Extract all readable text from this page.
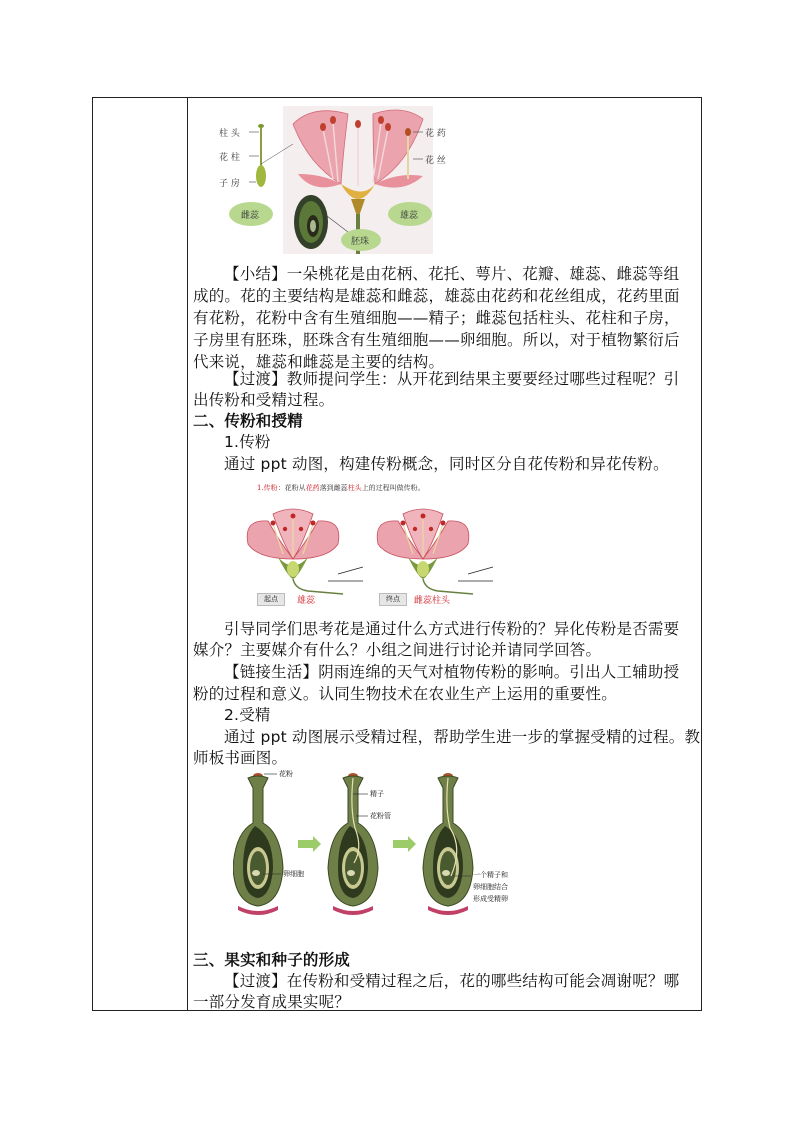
柱 头
花 柱
子 房
花 药
花 丝
雌蕊
胚珠
雄蕊
【小结】一朵桃花是由花柄、花托、萼片、花瓣、雄蕊、雌蕊等组
成的。花的主要结构是雄蕊和雌蕊，雄蕊由花药和花丝组成，花药里面
有花粉，花粉中含有生殖细胞——精子；雌蕊包括柱头、花柱和子房，
子房里有胚珠，胚珠含有生殖细胞——卵细胞。所以，对于植物繁衍后
代来说，雄蕊和雌蕊是主要的结构。
【过渡】教师提问学生：从开花到结果主要要经过哪些过程呢？引
出传粉和受精过程。
二、传粉和授精
1.传粉
通过 ppt 动图，构建传粉概念，同时区分自花传粉和异花传粉。
1.传粉：花粉从花药落到雌蕊柱头上的过程叫做传粉。
起点	雄蕊	终点	雌蕊柱头
引导同学们思考花是通过什么方式进行传粉的？异化传粉是否需要
媒介？主要媒介有什么？小组之间进行讨论并请同学回答。
【链接生活】阴雨连绵的天气对植物传粉的影响。引出人工辅助授
粉的过程和意义。认同生物技术在农业生产上运用的重要性。
2.受精
通过 ppt 动图展示受精过程，帮助学生进一步的掌握受精的过程。教
师板书画图。
花粉
精子
花粉管
卵细胞	一个精子和
卵细胞结合
形成受精卵
三、果实和种子的形成
【过渡】在传粉和受精过程之后，花的哪些结构可能会凋谢呢？哪
一部分发育成果实呢？
